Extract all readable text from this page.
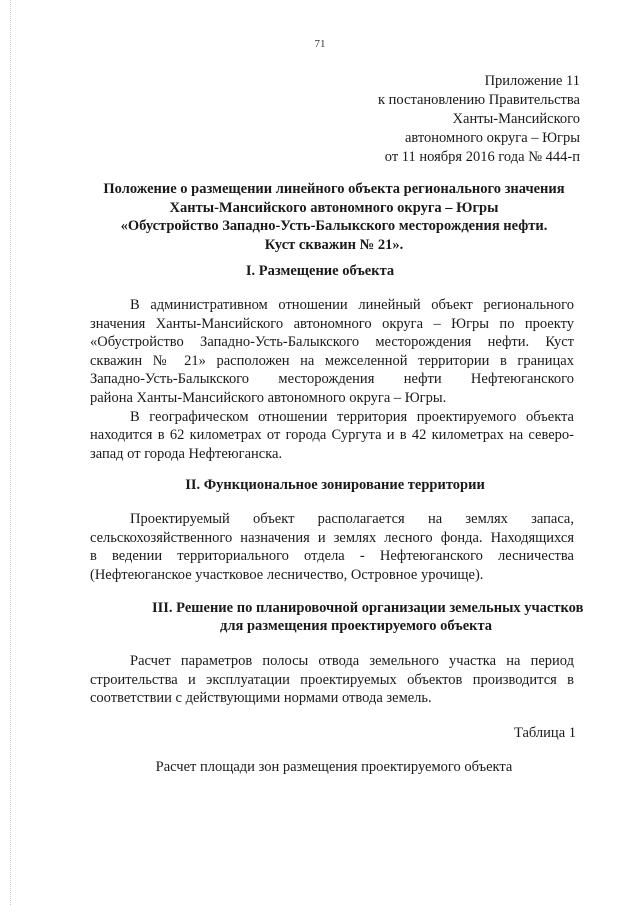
71
Приложение 11
к постановлению Правительства
Ханты-Мансийского
автономного округа – Югры
от 11 ноября 2016 года № 444-п
Положение о размещении линейного объекта регионального значения
Ханты-Мансийского автономного округа – Югры
«Обустройство Западно-Усть-Балыкского месторождения нефти.
Куст скважин № 21».
I. Размещение объекта
В административном отношении линейный объект регионального
значения Ханты-Мансийского автономного округа – Югры по проекту
«Обустройство Западно-Усть-Балыкского месторождения нефти. Куст
скважин № 21» расположен на межселенной территории в границах
Западно-Усть-Балыкского месторождения нефти Нефтеюганского
района Ханты-Мансийского автономного округа – Югры.
В географическом отношении территория проектируемого объекта
находится в 62 километрах от города Сургута и в 42 километрах на северо-
запад от города Нефтеюганска.
II. Функциональное зонирование территории
Проектируемый объект располагается на землях запаса,
сельскохозяйственного назначения и землях лесного фонда. Находящихся
в ведении территориального отдела - Нефтеюганского лесничества
(Нефтеюганское участковое лесничество, Островное урочище).
III. Решение по планировочной организации земельных участков
для размещения проектируемого объекта
Расчет параметров полосы отвода земельного участка на период
строительства и эксплуатации проектируемых объектов производится в
соответствии с действующими нормами отвода земель.
Таблица 1
Расчет площади зон размещения проектируемого объекта
